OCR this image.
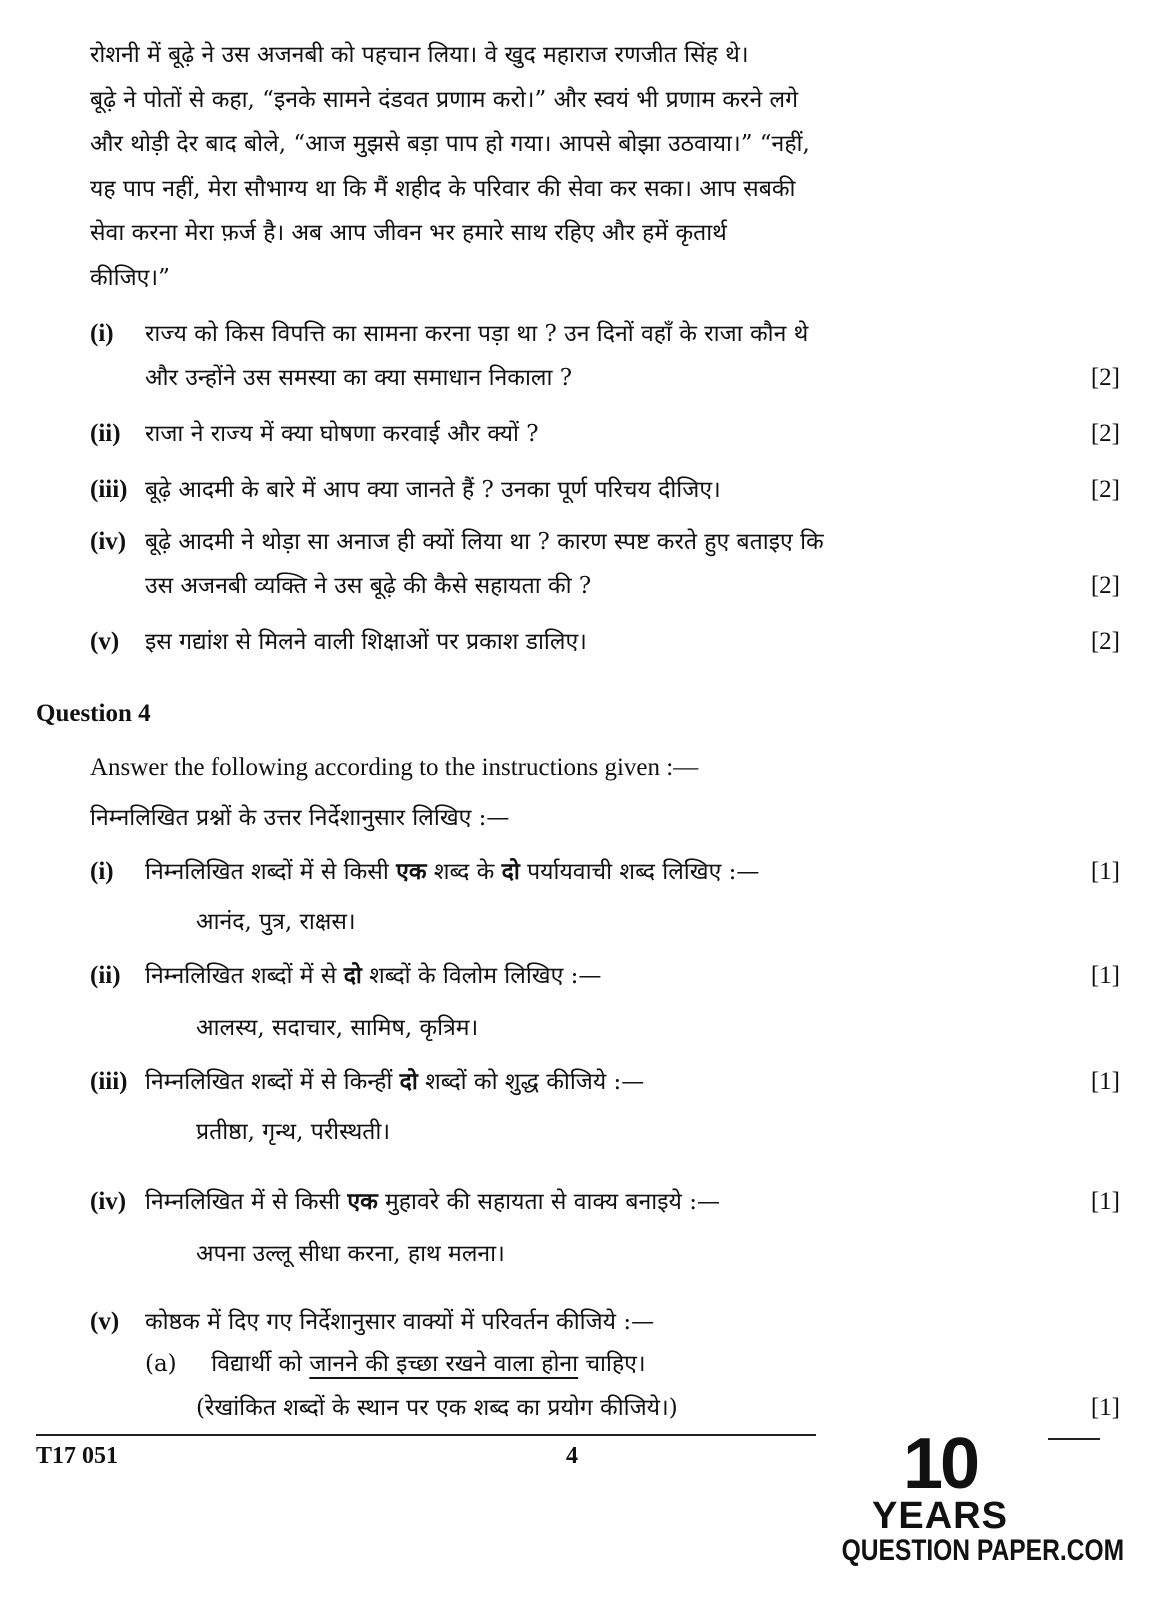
रोशनी में बूढ़े ने उस अजनबी को पहचान लिया। वे खुद महाराज रणजीत सिंह थे।
बूढ़े ने पोतों से कहा, “इनके सामने दंडवत प्रणाम करो।” और स्वयं भी प्रणाम करने लगे
और थोड़ी देर बाद बोले, “आज मुझसे बड़ा पाप हो गया। आपसे बोझा उठवाया।” “नहीं,
यह पाप नहीं, मेरा सौभाग्य था कि मैं शहीद के परिवार की सेवा कर सका। आप सबकी
सेवा करना मेरा फ़र्ज है। अब आप जीवन भर हमारे साथ रहिए और हमें कृतार्थ
कीजिए।”
(i) राज्य को किस विपत्ति का सामना करना पड़ा था ? उन दिनों वहाँ के राजा कौन थे
और उन्होंने उस समस्या का क्या समाधान निकाला ?	[2]
(ii) राजा ने राज्य में क्या घोषणा करवाई और क्यों ?	[2]
(iii) बूढ़े आदमी के बारे में आप क्या जानते हैं ? उनका पूर्ण परिचय दीजिए।	[2]
(iv) बूढ़े आदमी ने थोड़ा सा अनाज ही क्यों लिया था ? कारण स्पष्ट करते हुए बताइए कि
उस अजनबी व्यक्ति ने उस बूढ़े की कैसे सहायता की ?	[2]
(v) इस गद्यांश से मिलने वाली शिक्षाओं पर प्रकाश डालिए।	[2]
Question 4
Answer the following according to the instructions given :—
निम्नलिखित प्रश्नों के उत्तर निर्देशानुसार लिखिए :—
(i) निम्नलिखित शब्दों में से किसी एक शब्द के दो पर्यायवाची शब्द लिखिए :—	[1]
आनंद, पुत्र, राक्षस।
(ii) निम्नलिखित शब्दों में से दो शब्दों के विलोम लिखिए :—	[1]
आलस्य, सदाचार, सामिष, कृत्रिम।
(iii) निम्नलिखित शब्दों में से किन्हीं दो शब्दों को शुद्ध कीजिये :—	[1]
प्रतीष्ठा, गृन्थ, परीस्थती।
(iv) निम्नलिखित में से किसी एक मुहावरे की सहायता से वाक्य बनाइये :—	[1]
अपना उल्लू सीधा करना, हाथ मलना।
(v) कोष्ठक में दिए गए निर्देशानुसार वाक्यों में परिवर्तन कीजिये :—
(a) विद्यार्थी को जानने की इच्छा रखने वाला होना चाहिए।
(रेखांकित शब्दों के स्थान पर एक शब्द का प्रयोग कीजिये।)	[1]
T17 051	4	10
YEARS
QUESTION PAPER.COM
